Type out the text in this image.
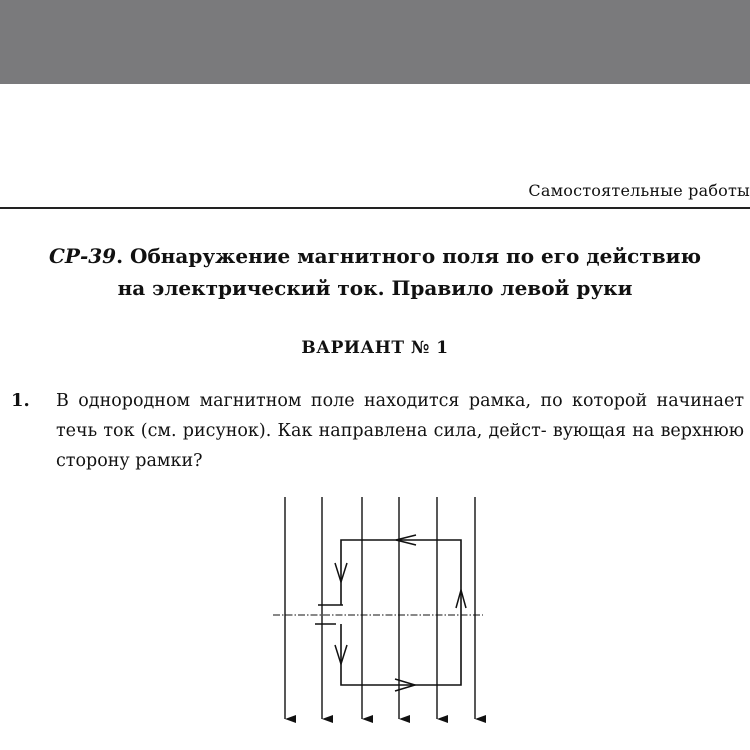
Самостоятельные работы
СР-39. Обнаружение магнитного поля по его действию
на электрический ток. Правило левой руки
ВАРИАНТ № 1
1. В однородном магнитном поле находится рамка, по которой начинает течь ток (см. рисунок). Как направлена сила, дейст- вующая на верхнюю сторону рамки?
